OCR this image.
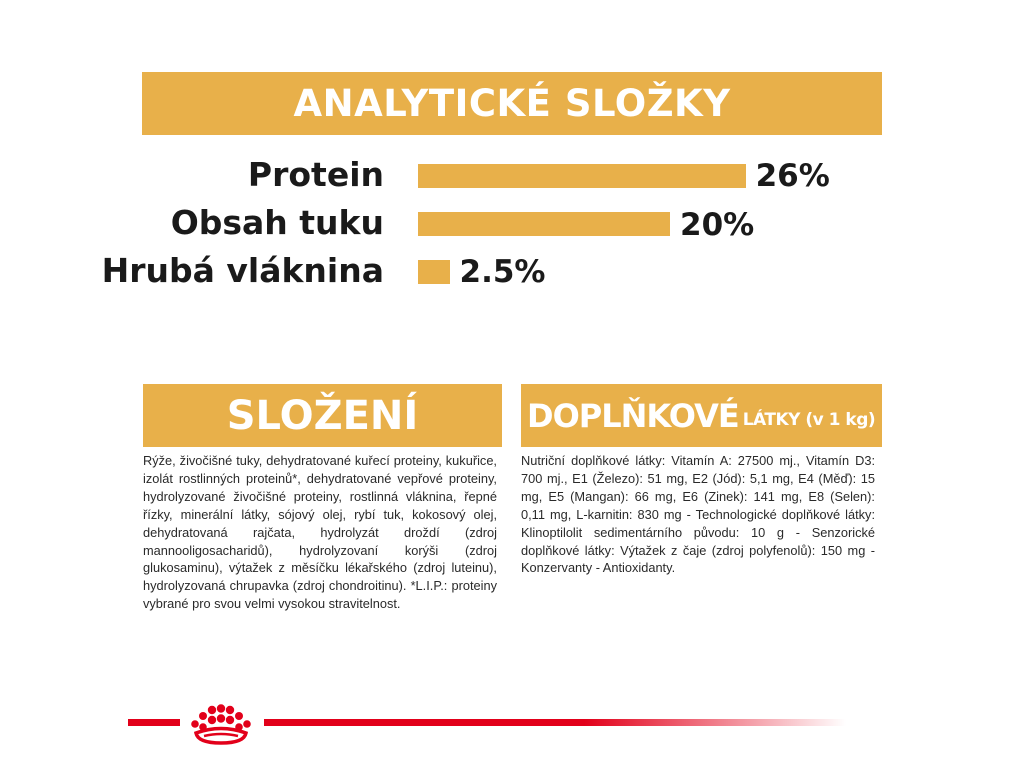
ANALYTICKÉ SLOŽKY
Protein	26%
Obsah tuku	20%
Hrubá vláknina 2.5%
SLOŽENÍ
Rýže, živočišné tuky, dehydratované kuřecí proteiny, kukuřice, izolát rostlinných proteinů*, dehydratované vepřové proteiny, hydrolyzované živočišné proteiny, rostlinná vláknina, řepné řízky, minerální látky, sójový olej, rybí tuk, kokosový olej, dehydratovaná rajčata, hydrolyzát droždí (zdroj mannooligosacharidů), hydrolyzovaní korýši (zdroj glukosaminu), výtažek z měsíčku lékařského (zdroj luteinu), hydrolyzovaná chrupavka (zdroj chondroitinu). *L.I.P.: proteiny vybrané pro svou velmi vysokou stravitelnost.
DOPLŇKOVÉ LÁTKY (v 1 kg)
Nutriční doplňkové látky: Vitamín A: 27500 mj., Vitamín D3: 700 mj., E1 (Železo): 51 mg, E2 (Jód): 5,1 mg, E4 (Měď): 15 mg, E5 (Mangan): 66 mg, E6 (Zinek): 141 mg, E8 (Selen): 0,11 mg, L-karnitin: 830 mg - Technologické doplňkové látky: Klinoptilolit sedimentárního původu: 10 g - Senzorické doplňkové látky: Výtažek z čaje (zdroj polyfenolů): 150 mg - Konzervanty - Antioxidanty.
